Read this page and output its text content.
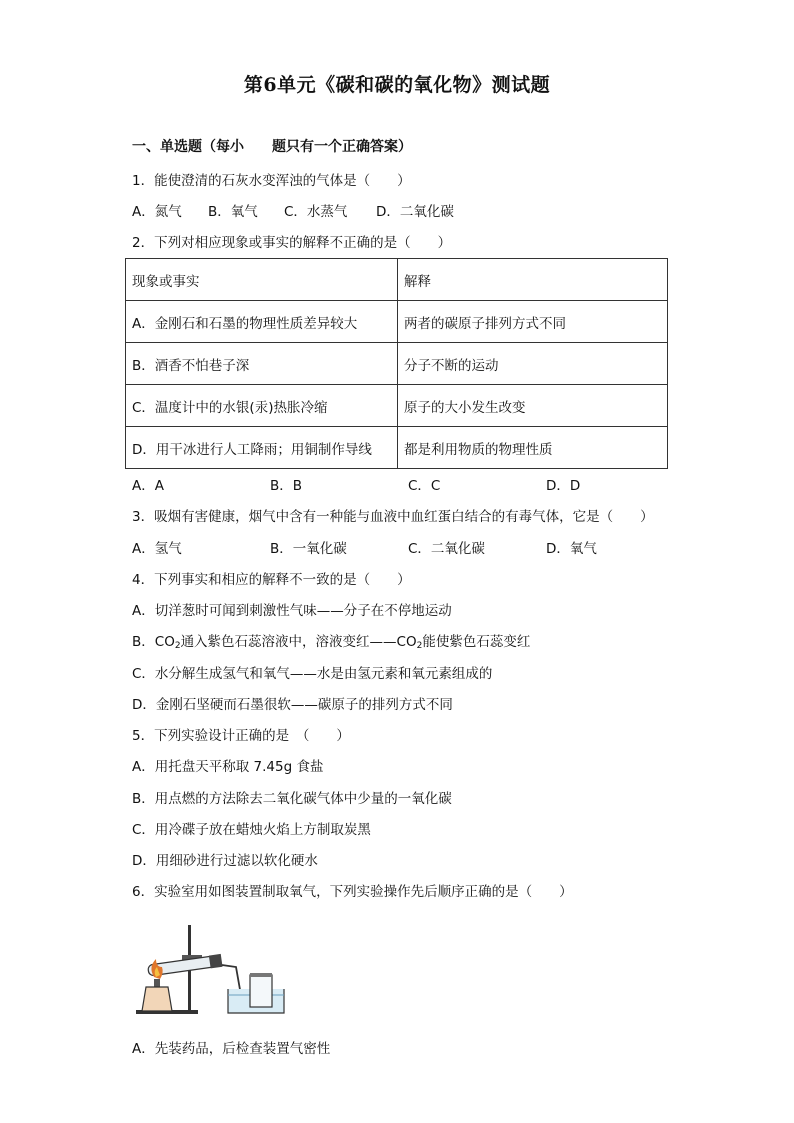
第6单元《碳和碳的氧化物》测试题
一、单选题（每小　　题只有一个正确答案）
1．能使澄清的石灰水变浑浊的气体是（　　）
A．氮气 B．氧气 C．水蒸气 D．二氧化碳
2．下列对相应现象或事实的解释不正确的是（　　）
现象或事实	解释
A．金刚石和石墨的物理性质差异较大	两者的碳原子排列方式不同
B．酒香不怕巷子深	分子不断的运动
C．温度计中的水银(汞)热胀冷缩	原子的大小发生改变
D．用干冰进行人工降雨；用铜制作导线	都是利用物质的物理性质
A．A	B．B	C．C	D．D
3．吸烟有害健康，烟气中含有一种能与血液中血红蛋白结合的有毒气体，它是（　　）
A．氢气	B．一氧化碳	C．二氧化碳	D．氧气
4．下列事实和相应的解释不一致的是（　　）
A．切洋葱时可闻到刺激性气味——分子在不停地运动
B．$CO_2$通入紫色石蕊溶液中，溶液变红$——CO_2$能使紫色石蕊变红
C．水分解生成氢气和氧气——水是由氢元素和氧元素组成的
D．金刚石坚硬而石墨很软——碳原子的排列方式不同
5．下列实验设计正确的是　（　　）
A．用托盘天平称取 7.45g 食盐
B．用点燃的方法除去二氧化碳气体中少量的一氧化碳
C．用冷碟子放在蜡烛火焰上方制取炭黑
D．用细砂进行过滤以软化硬水
6．实验室用如图装置制取氧气，下列实验操作先后顺序正确的是（　　）
A．先装药品，后检查装置气密性
